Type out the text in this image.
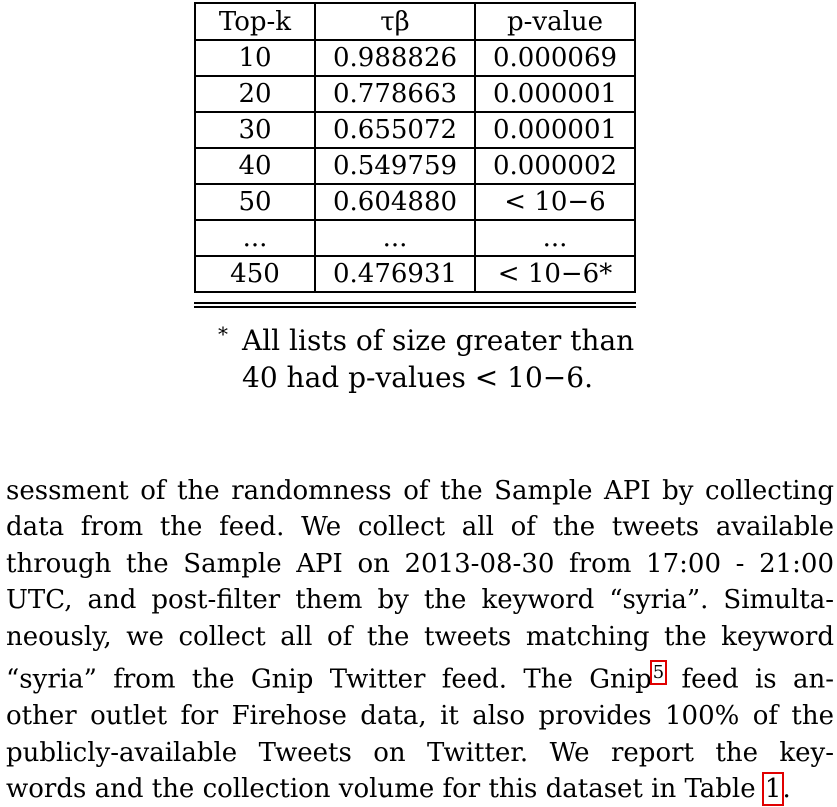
Top-k	τβ	p-value
10	0.988826	0.000069
20	0.778663	0.000001
30	0.655072	0.000001
40	0.549759	0.000002
50	0.604880	< 10−6
...	...	...
450	0.476931	< 10−6*
* All lists of size greater than
40 had p-values < 10−6.
sessment of the randomness of the Sample API by collecting
data from the feed. We collect all of the tweets available
through the Sample API on 2013-08-30 from 17:00 - 21:00
UTC, and post-filter them by the keyword “syria”. Simulta-
neously, we collect all of the tweets matching the keyword
“syria” from the Gnip Twitter feed. The Gnip$^5$ feed is an-
other outlet for Firehose data, it also provides 100% of the
publicly-available Tweets on Twitter. We report the key-
words and the collection volume for this dataset in Table 1.
